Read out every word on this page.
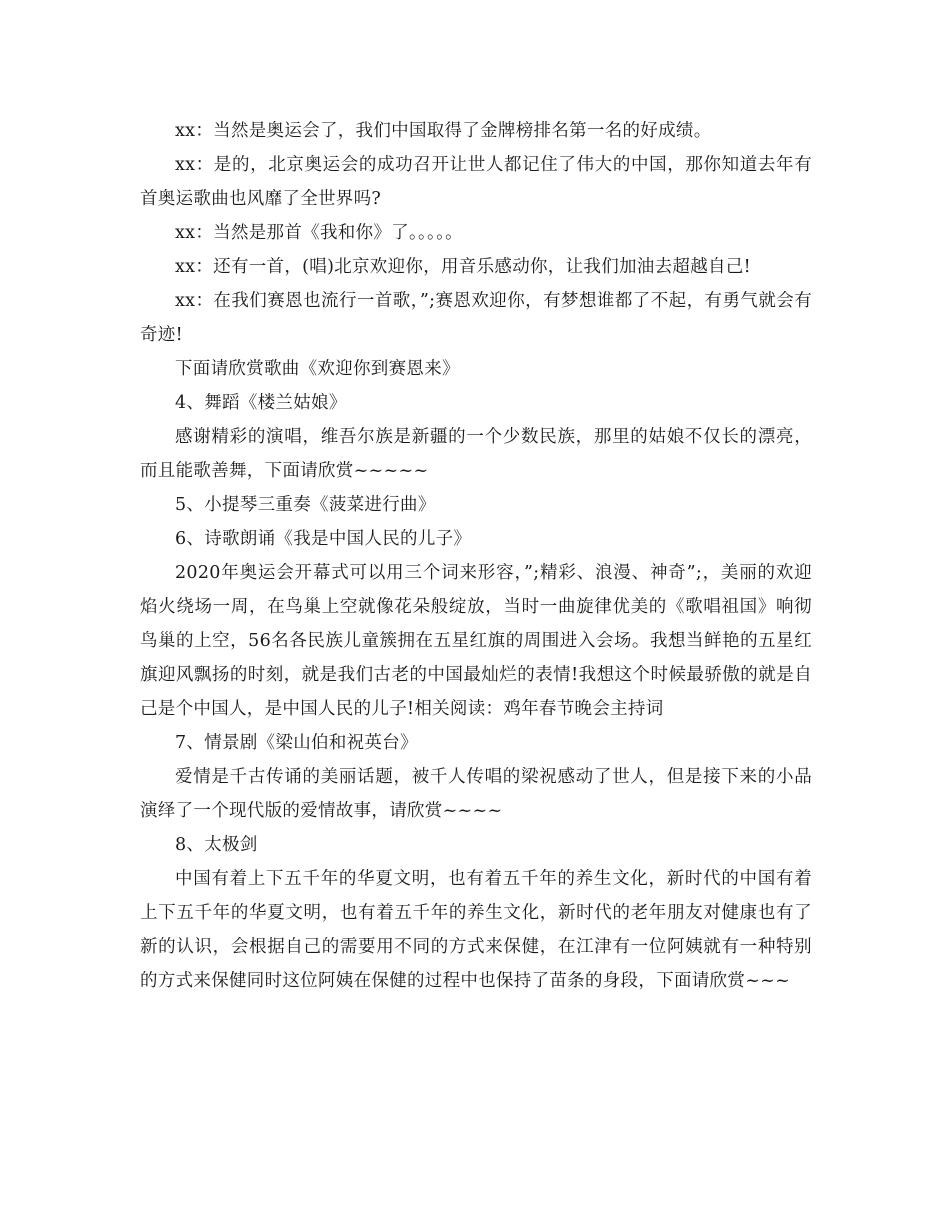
xx：当然是奥运会了，我们中国取得了金牌榜排名第一名的好成绩。

xx：是的，北京奥运会的成功召开让世人都记住了伟大的中国，那你知道去年有首奥运歌曲也风靡了全世界吗?

xx：当然是那首《我和你》了。。。。。

xx：还有一首，(唱)北京欢迎你，用音乐感动你，让我们加油去超越自己!

xx：在我们赛恩也流行一首歌，”;赛恩欢迎你，有梦想谁都了不起，有勇气就会有奇迹!

下面请欣赏歌曲《欢迎你到赛恩来》

4、舞蹈《楼兰姑娘》

感谢精彩的演唱，维吾尔族是新疆的一个少数民族，那里的姑娘不仅长的漂亮，而且能歌善舞，下面请欣赏~~~~~

5、小提琴三重奏《菠菜进行曲》

6、诗歌朗诵《我是中国人民的儿子》

2020年奥运会开幕式可以用三个词来形容，”;精彩、浪漫、神奇”;，美丽的欢迎焰火绕场一周，在鸟巢上空就像花朵般绽放，当时一曲旋律优美的《歌唱祖国》响彻鸟巢的上空，56名各民族儿童簇拥在五星红旗的周围进入会场。我想当鲜艳的五星红旗迎风飘扬的时刻，就是我们古老的中国最灿烂的表情!我想这个时候最骄傲的就是自己是个中国人，是中国人民的儿子!相关阅读：鸡年春节晚会主持词

7、情景剧《梁山伯和祝英台》

爱情是千古传诵的美丽话题，被千人传唱的梁祝感动了世人，但是接下来的小品演绎了一个现代版的爱情故事，请欣赏~~~~

8、太极剑

中国有着上下五千年的华夏文明，也有着五千年的养生文化，新时代的中国有着上下五千年的华夏文明，也有着五千年的养生文化，新时代的老年朋友对健康也有了新的认识，会根据自己的需要用不同的方式来保健，在江津有一位阿姨就有一种特别的方式来保健同时这位阿姨在保健的过程中也保持了苗条的身段，下面请欣赏~~~
